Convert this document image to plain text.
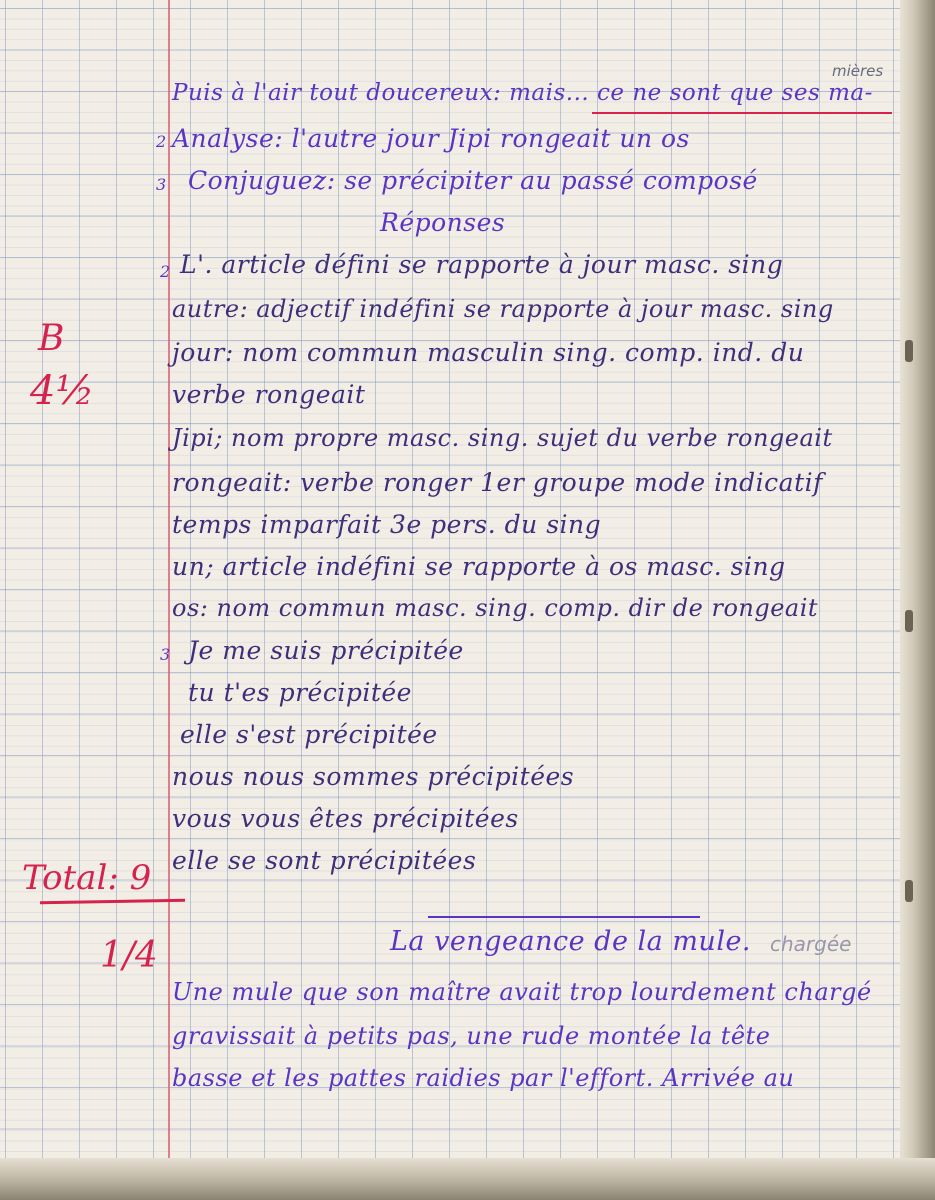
mières
Puis à l'air tout doucereux: mais... ce ne sont que ses ma-
2 Analyse: l'autre jour Jipi rongeait un os
3 Conjuguez: se précipiter au passé composé
Réponses
2 L'. article défini se rapporte à jour masc. sing
autre: adjectif indéfini se rapporte à jour masc. sing
jour: nom commun masculin sing. comp. ind. du
verbe rongeait
Jipi; nom propre masc. sing. sujet du verbe rongeait
rongeait: verbe ronger 1er groupe mode indicatif
temps imparfait 3e pers. du sing
un; article indéfini se rapporte à os masc. sing
os: nom commun masc. sing. comp. dir de rongeait
3 Je me suis précipitée
tu t'es précipitée
elle s'est précipitée
nous nous sommes précipitées
vous vous êtes précipitées
elle se sont précipitées
B
4½
Total: 9
1/4	La vengeance de la mule. chargée
Une mule que son maître avait trop lourdement chargé
gravissait à petits pas, une rude montée la tête
basse et les pattes raidies par l'effort. Arrivée au
